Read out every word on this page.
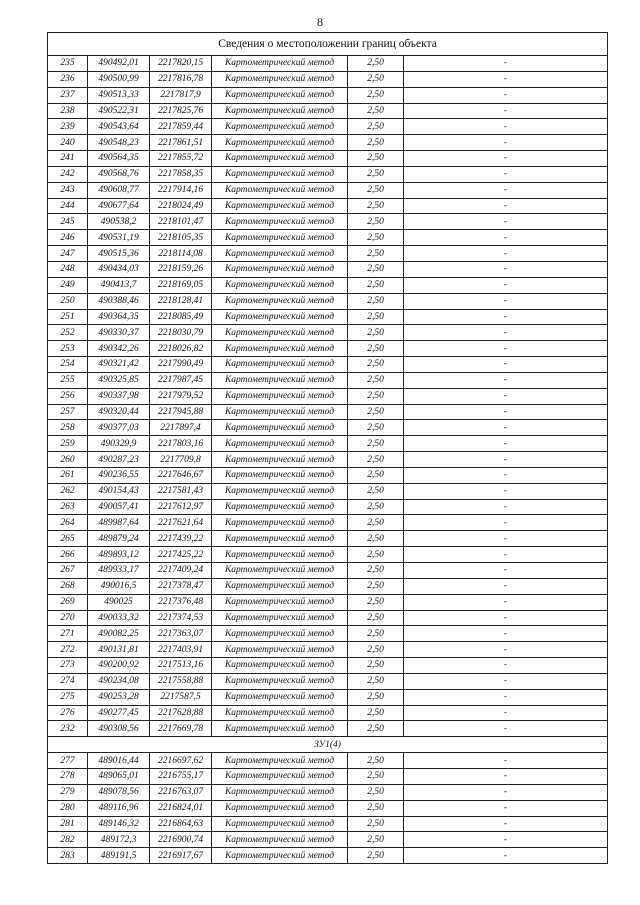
8
Сведения о местоположении границ объекта					
235	490492,01	2217820,15	Картометрический метод	2,50	-
236	490500,99	2217816,78	Картометрический метод	2,50	-
237	490513,33	2217817,9	Картометрический метод	2,50	-
238	490522,31	2217825,76	Картометрический метод	2,50	-
239	490543,64	2217859,44	Картометрический метод	2,50	-
240	490548,23	2217861,51	Картометрический метод	2,50	-
241	490564,35	2217855,72	Картометрический метод	2,50	-
242	490568,76	2217858,35	Картометрический метод	2,50	-
243	490608,77	2217914,16	Картометрический метод	2,50	-
244	490677,64	2218024,49	Картометрический метод	2,50	-
245	490538,2	2218101,47	Картометрический метод	2,50	-
246	490531,19	2218105,35	Картометрический метод	2,50	-
247	490515,36	2218114,08	Картометрический метод	2,50	-
248	490434,03	2218159,26	Картометрический метод	2,50	-
249	490413,7	2218169,05	Картометрический метод	2,50	-
250	490388,46	2218128,41	Картометрический метод	2,50	-
251	490364,35	2218085,49	Картометрический метод	2,50	-
252	490330,37	2218030,79	Картометрический метод	2,50	-
253	490342,26	2218026,82	Картометрический метод	2,50	-
254	490321,42	2217990,49	Картометрический метод	2,50	-
255	490325,85	2217987,45	Картометрический метод	2,50	-
256	490337,98	2217979,52	Картометрический метод	2,50	-
257	490320,44	2217945,88	Картометрический метод	2,50	-
258	490377,03	2217897,4	Картометрический метод	2,50	-
259	490329,9	2217803,16	Картометрический метод	2,50	-
260	490287,23	2217709,8	Картометрический метод	2,50	-
261	490236,55	2217646,67	Картометрический метод	2,50	-
262	490154,43	2217581,43	Картометрический метод	2,50	-
263	490057,41	2217612,97	Картометрический метод	2,50	-
264	489987,64	2217621,64	Картометрический метод	2,50	-
265	489879,24	2217439,22	Картометрический метод	2,50	-
266	489893,12	2217425,22	Картометрический метод	2,50	-
267	489933,17	2217409,24	Картометрический метод	2,50	-
268	490016,5	2217378,47	Картометрический метод	2,50	-
269	490025	2217376,48	Картометрический метод	2,50	-
270	490033,32	2217374,53	Картометрический метод	2,50	-
271	490082,25	2217363,07	Картометрический метод	2,50	-
272	490131,81	2217403,91	Картометрический метод	2,50	-
273	490200,92	2217513,16	Картометрический метод	2,50	-
274	490234,08	2217558,88	Картометрический метод	2,50	-
275	490253,28	2217587,5	Картометрический метод	2,50	-
276	490277,45	2217628,88	Картометрический метод	2,50	-
232	490308,56	2217669,78	Картометрический метод	2,50	-
ЗУ1(4)					
277	489016,44	2216697,62	Картометрический метод	2,50	-
278	489065,01	2216755,17	Картометрический метод	2,50	-
279	489078,56	2216763,07	Картометрический метод	2,50	-
280	489116,96	2216824,01	Картометрический метод	2,50	-
281	489146,32	2216864,63	Картометрический метод	2,50	-
282	489172,3	2216900,74	Картометрический метод	2,50	-
283	489191,5	2216917,67	Картометрический метод	2,50	-
